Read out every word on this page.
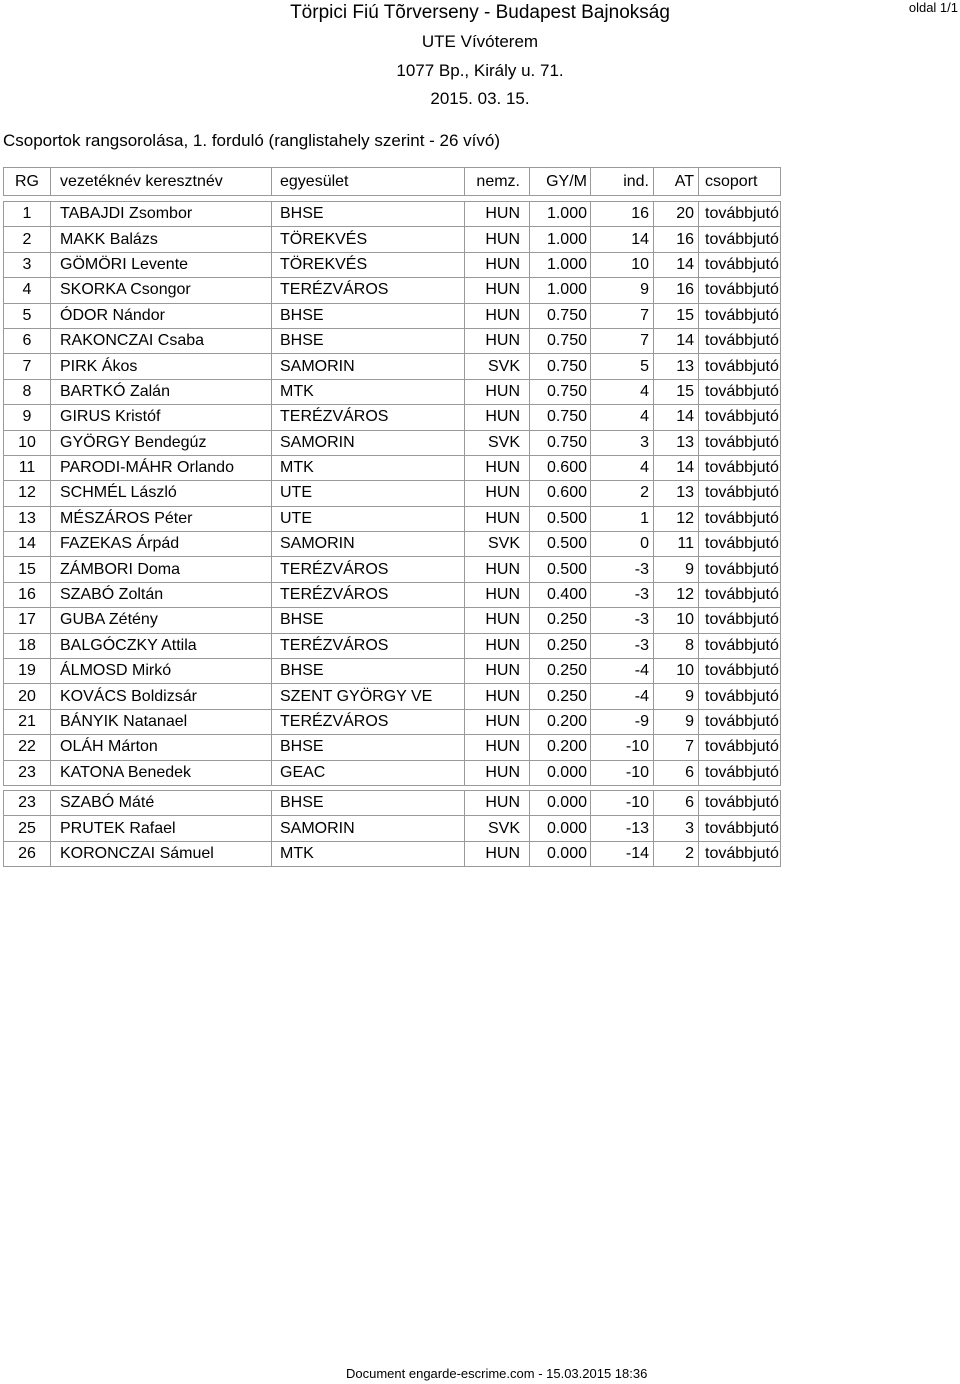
Törpici Fiú Tõrverseny - Budapest Bajnokság
UTE Vívóterem
1077 Bp., Király u. 71.
2015. 03. 15.
oldal 1/1
Csoportok rangsorolása, 1. forduló (ranglistahely szerint - 26 vívó)
RG	vezetéknév keresztnév	egyesület	nemz.	GY/M	ind.	AT	csoport

1	TABAJDI Zsombor	BHSE	HUN	1.000	16	20	továbbjutó
2	MAKK Balázs	TÖREKVÉS	HUN	1.000	14	16	továbbjutó
3	GÖMÖRI Levente	TÖREKVÉS	HUN	1.000	10	14	továbbjutó
4	SKORKA Csongor	TERÉZVÁROS	HUN	1.000	9	16	továbbjutó
5	ÓDOR Nándor	BHSE	HUN	0.750	7	15	továbbjutó
6	RAKONCZAI Csaba	BHSE	HUN	0.750	7	14	továbbjutó
7	PIRK Ákos	SAMORIN	SVK	0.750	5	13	továbbjutó
8	BARTKÓ Zalán	MTK	HUN	0.750	4	15	továbbjutó
9	GIRUS Kristóf	TERÉZVÁROS	HUN	0.750	4	14	továbbjutó
10	GYÖRGY Bendegúz	SAMORIN	SVK	0.750	3	13	továbbjutó
11	PARODI-MÁHR Orlando	MTK	HUN	0.600	4	14	továbbjutó
12	SCHMÉL László	UTE	HUN	0.600	2	13	továbbjutó
13	MÉSZÁROS Péter	UTE	HUN	0.500	1	12	továbbjutó
14	FAZEKAS Árpád	SAMORIN	SVK	0.500	0	11	továbbjutó
15	ZÁMBORI Doma	TERÉZVÁROS	HUN	0.500	-3	9	továbbjutó
16	SZABÓ Zoltán	TERÉZVÁROS	HUN	0.400	-3	12	továbbjutó
17	GUBA Zétény	BHSE	HUN	0.250	-3	10	továbbjutó
18	BALGÓCZKY Attila	TERÉZVÁROS	HUN	0.250	-3	8	továbbjutó
19	ÁLMOSD Mirkó	BHSE	HUN	0.250	-4	10	továbbjutó
20	KOVÁCS Boldizsár	SZENT GYÖRGY VE	HUN	0.250	-4	9	továbbjutó
21	BÁNYIK Natanael	TERÉZVÁROS	HUN	0.200	-9	9	továbbjutó
22	OLÁH Márton	BHSE	HUN	0.200	-10	7	továbbjutó
23	KATONA Benedek	GEAC	HUN	0.000	-10	6	továbbjutó

23	SZABÓ Máté	BHSE	HUN	0.000	-10	6	továbbjutó
25	PRUTEK Rafael	SAMORIN	SVK	0.000	-13	3	továbbjutó
26	KORONCZAI Sámuel	MTK	HUN	0.000	-14	2	továbbjutó
Document engarde-escrime.com - 15.03.2015 18:36
